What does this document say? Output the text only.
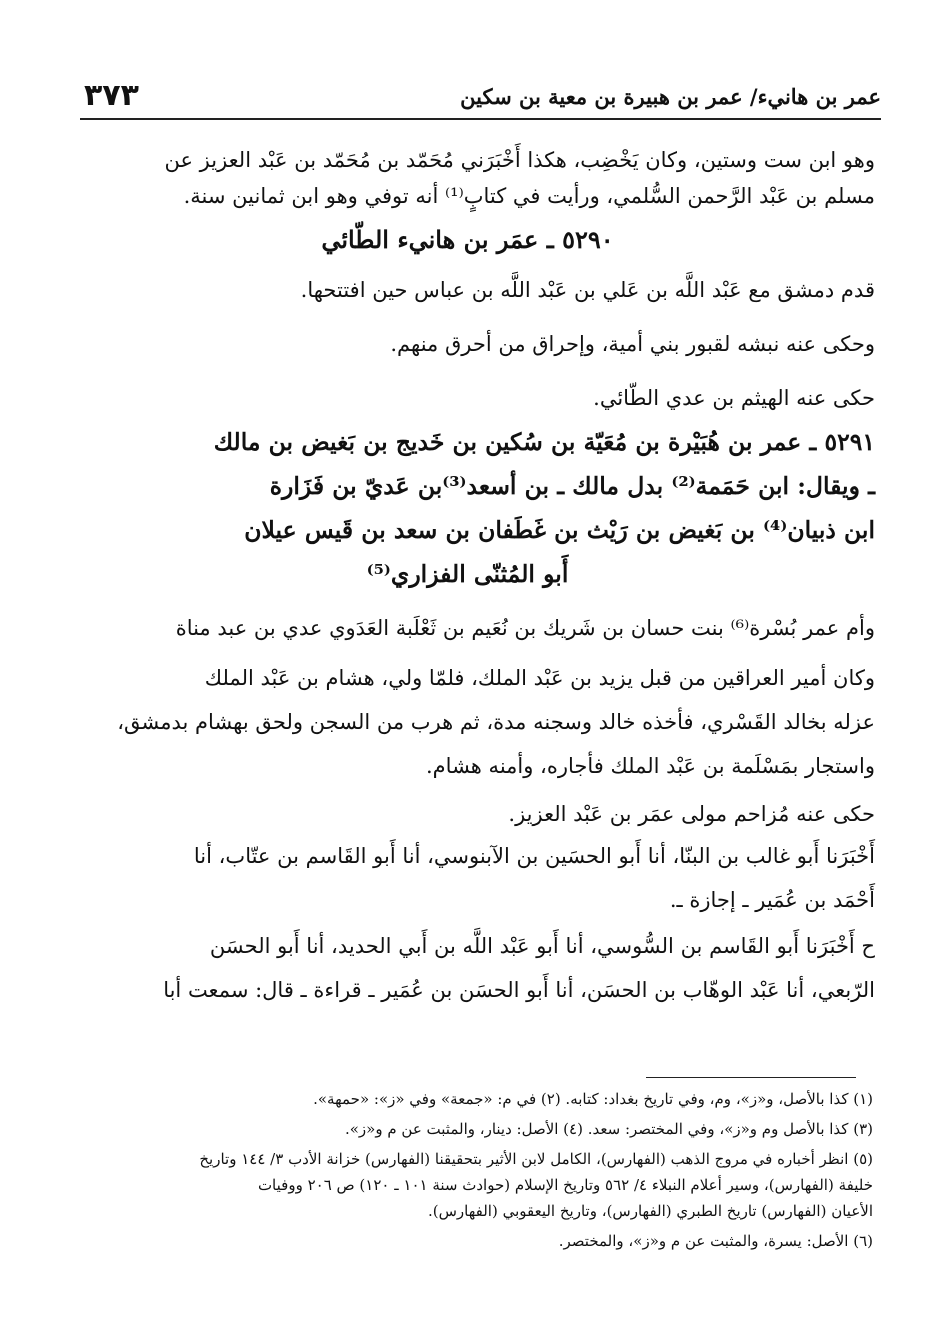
٣٧٣	عمر بن هانيء/ عمر بن هبيرة بن معية بن سكين

وهو ابن ست وستين، وكان يَخْضِب، هكذا أَخْبَرَني مُحَمّد بن مُحَمّد بن عَبْد العزيز عن

مسلم بن عَبْد الرَّحمن السُّلمي، ورأيت في كتابٍ⁽¹⁾ أنه توفي وهو ابن ثمانين سنة.

٥٢٩٠ ـ عمَر بن هانيء الطّائي

قدم دمشق مع عَبْد اللَّه بن عَلي بن عَبْد اللَّه بن عباس حين افتتحها.

وحكى عنه نبشه لقبور بني أمية، وإحراق من أحرق منهم.

حكى عنه الهيثم بن عدي الطّائي.

٥٢٩١ ـ عمر بن هُبَيْرة بن مُعَيّة بن سُكين بن خَديج بن بَغيض بن مالك

ـ ويقال: ابن حَمَمة⁽²⁾ بدل مالك ـ بن أسعد⁽³⁾بن عَديّ بن فَزَارة

ابن ذبيان⁽⁴⁾ بن بَغيض بن رَيْث بن غَطَفان بن سعد بن قَيس عيلان

أَبو المُثنّى الفزاري⁽⁵⁾

وأم عمر بُسْرة⁽⁶⁾ بنت حسان بن شَريك بن نُعَيم بن ثَعْلَبة العَدَوي عدي بن عبد مناة

وكان أمير العراقين من قبل يزيد بن عَبْد الملك، فلمّا ولي، هشام بن عَبْد الملك

عزله بخالد القَسْري، فأخذه خالد وسجنه مدة، ثم هرب من السجن ولحق بهشام بدمشق،

واستجار بمَسْلَمة بن عَبْد الملك فأجاره، وأمنه هشام.

حكى عنه مُزاحم مولى عمَر بن عَبْد العزيز.

أَخْبَرَنا أَبو غالب بن البنّا، أنا أَبو الحسَين بن الآبنوسي، أنا أَبو القَاسم بن عتّاب، أنا

أَحْمَد بن عُمَير ـ إجازة ـ.

ح أَخْبَرَنا أَبو القَاسم بن السُّوسي، أنا أَبو عَبْد اللَّه بن أَبي الحديد، أنا أَبو الحسَن

الرّبعي، أنا عَبْد الوهّاب بن الحسَن، أنا أَبو الحسَن بن عُمَير ـ قراءة ـ قال: سمعت أبا

(١) كذا بالأصل، و«ز»، وم، وفي تاريخ بغداد: كتابه. (٢) في م: «جمعة» وفي «ز»: «حمهة».

(٣) كذا بالأصل وم و«ز»، وفي المختصر: سعد. (٤) الأصل: دينار، والمثبت عن م و«ز».

(٥) انظر أخباره في مروج الذهب (الفهارس)، الكامل لابن الأثير بتحقيقنا (الفهارس) خزانة الأدب ٣/ ١٤٤ وتاريخ

خليفة (الفهارس)، وسير أعلام النبلاء ٤/ ٥٦٢ وتاريخ الإسلام (حوادث سنة ١٠١ ـ ١٢٠) ص ٢٠٦ ووفيات

الأعيان (الفهارس) تاريخ الطبري (الفهارس)، وتاريخ اليعقوبي (الفهارس).

(٦) الأصل: يسرة، والمثبت عن م و«ز»، والمختصر.
